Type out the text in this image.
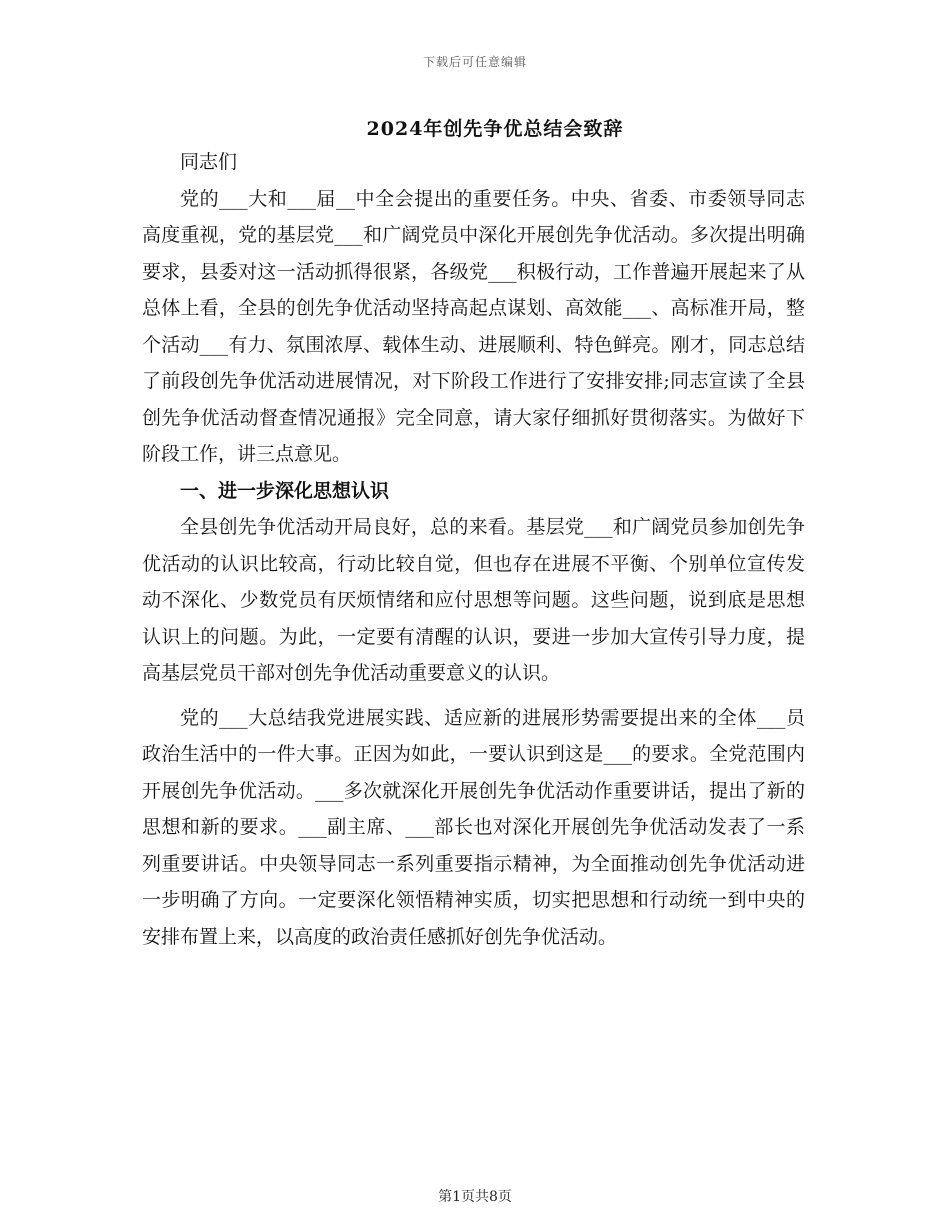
下载后可任意编辑
2024年创先争优总结会致辞

同志们

党的___大和___届__中全会提出的重要任务。中央、省委、市委领导同志高度重视，党的基层党___和广阔党员中深化开展创先争优活动。多次提出明确要求，县委对这一活动抓得很紧，各级党___积极行动，工作普遍开展起来了从总体上看，全县的创先争优活动坚持高起点谋划、高效能___、高标准开局，整个活动___有力、氛围浓厚、载体生动、进展顺利、特色鲜亮。刚才，同志总结了前段创先争优活动进展情况，对下阶段工作进行了安排安排;同志宣读了全县创先争优活动督查情况通报》完全同意，请大家仔细抓好贯彻落实。为做好下阶段工作，讲三点意见。

一、进一步深化思想认识

全县创先争优活动开局良好，总的来看。基层党___和广阔党员参加创先争优活动的认识比较高，行动比较自觉，但也存在进展不平衡、个别单位宣传发动不深化、少数党员有厌烦情绪和应付思想等问题。这些问题，说到底是思想认识上的问题。为此，一定要有清醒的认识，要进一步加大宣传引导力度，提高基层党员干部对创先争优活动重要意义的认识。

党的___大总结我党进展实践、适应新的进展形势需要提出来的全体___员政治生活中的一件大事。正因为如此，一要认识到这是___的要求。全党范围内开展创先争优活动。___多次就深化开展创先争优活动作重要讲话，提出了新的思想和新的要求。___副主席、___部长也对深化开展创先争优活动发表了一系列重要讲话。中央领导同志一系列重要指示精神，为全面推动创先争优活动进一步明确了方向。一定要深化领悟精神实质，切实把思想和行动统一到中央的安排布置上来，以高度的政治责任感抓好创先争优活动。

第1页共8页
